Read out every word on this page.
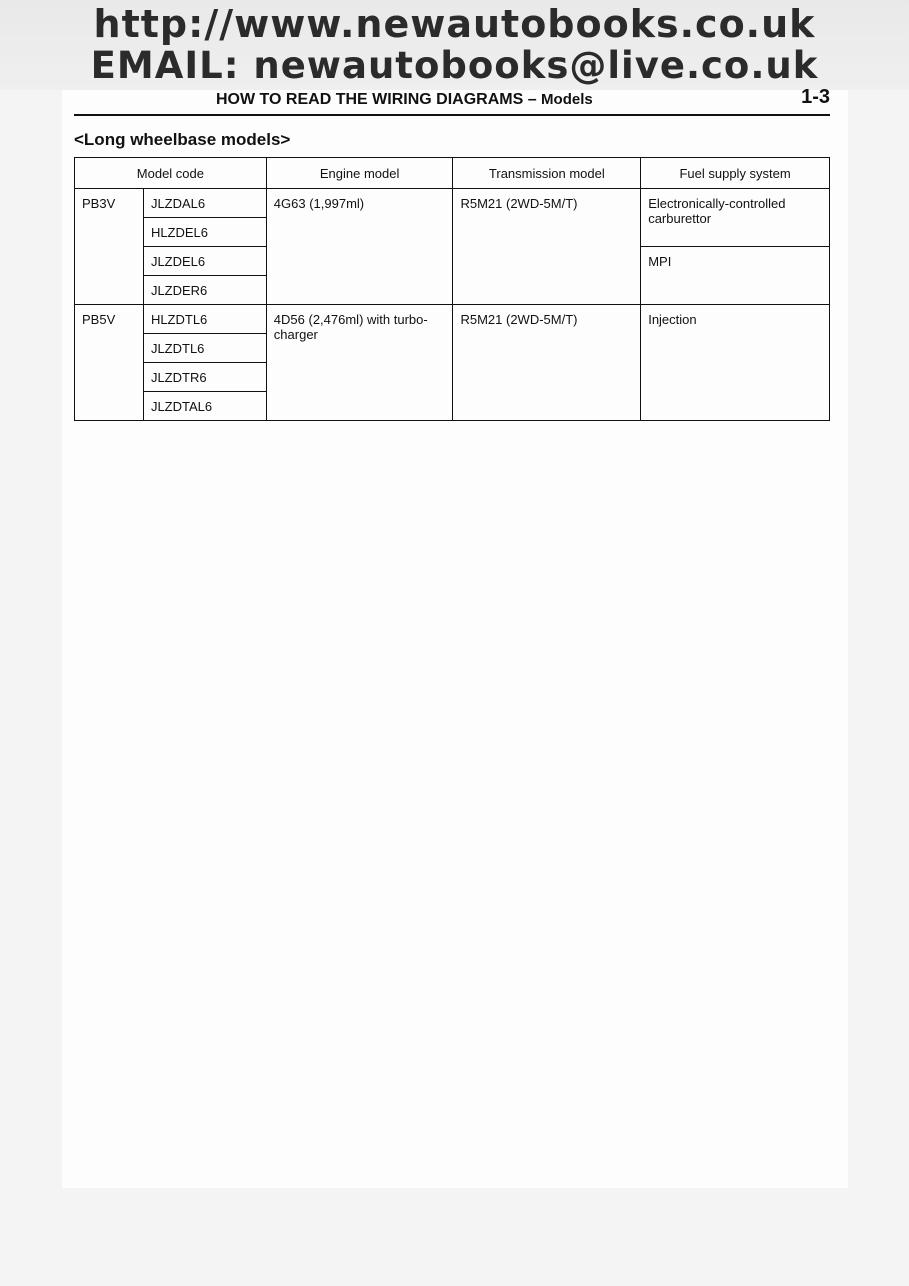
http://www.newautobooks.co.uk
EMAIL: newautobooks@live.co.uk
HOW TO READ THE WIRING DIAGRAMS – Models	1-3
<Long wheelbase models>
Model code		Engine model	Transmission model	Fuel supply system
PB3V	JLZDAL6	4G63 (1,997ml)	R5M21 (2WD-5M/T)	Electronically-controlled carburettor
	HLZDEL6			
	JLZDEL6			MPI
	JLZDER6			
PB5V	HLZDTL6	4D56 (2,476ml) with turbo-charger	R5M21 (2WD-5M/T)	Injection
	JLZDTL6			
	JLZDTR6			
	JLZDTAL6			
